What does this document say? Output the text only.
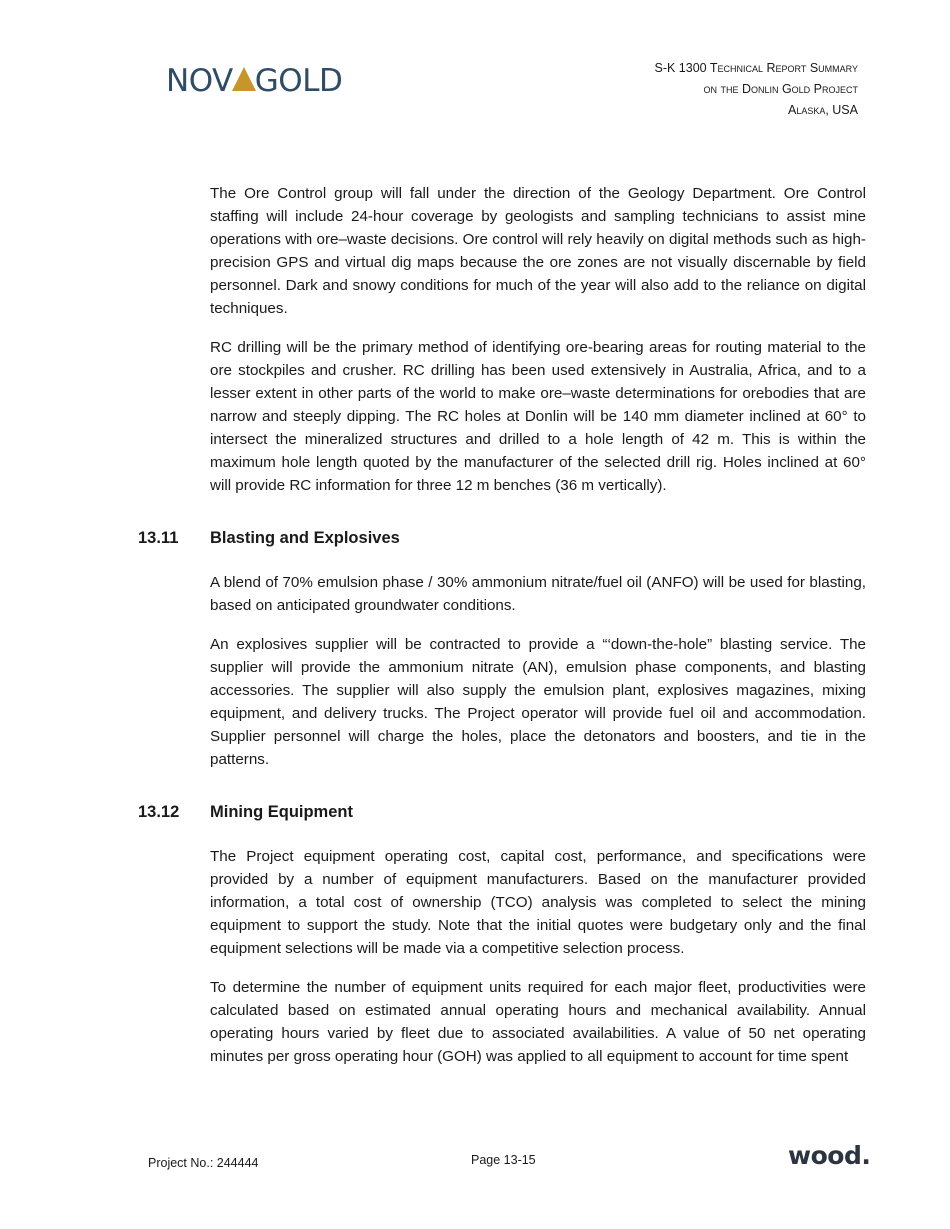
NOV GOLD	S-K 1300 Technical Report Summary
on the Donlin Gold Project
Alaska, USA

The Ore Control group will fall under the direction of the Geology Department. Ore Control staffing will include 24-hour coverage by geologists and sampling technicians to assist mine operations with ore–waste decisions. Ore control will rely heavily on digital methods such as high-precision GPS and virtual dig maps because the ore zones are not visually discernable by field personnel. Dark and snowy conditions for much of the year will also add to the reliance on digital techniques.

RC drilling will be the primary method of identifying ore-bearing areas for routing material to the ore stockpiles and crusher. RC drilling has been used extensively in Australia, Africa, and to a lesser extent in other parts of the world to make ore–waste determinations for orebodies that are narrow and steeply dipping. The RC holes at Donlin will be 140 mm diameter inclined at 60° to intersect the mineralized structures and drilled to a hole length of 42 m. This is within the maximum hole length quoted by the manufacturer of the selected drill rig. Holes inclined at 60° will provide RC information for three 12 m benches (36 m vertically).

13.11	Blasting and Explosives

A blend of 70% emulsion phase / 30% ammonium nitrate/fuel oil (ANFO) will be used for blasting, based on anticipated groundwater conditions.

An explosives supplier will be contracted to provide a “‘down-the-hole” blasting service. The supplier will provide the ammonium nitrate (AN), emulsion phase components, and blasting accessories. The supplier will also supply the emulsion plant, explosives magazines, mixing equipment, and delivery trucks. The Project operator will provide fuel oil and accommodation. Supplier personnel will charge the holes, place the detonators and boosters, and tie in the patterns.

13.12	Mining Equipment

The Project equipment operating cost, capital cost, performance, and specifications were provided by a number of equipment manufacturers. Based on the manufacturer provided information, a total cost of ownership (TCO) analysis was completed to select the mining equipment to support the study. Note that the initial quotes were budgetary only and the final equipment selections will be made via a competitive selection process.

To determine the number of equipment units required for each major fleet, productivities were calculated based on estimated annual operating hours and mechanical availability. Annual operating hours varied by fleet due to associated availabilities. A value of 50 net operating minutes per gross operating hour (GOH) was applied to all equipment to account for time spent

Project No.: 244444	Page 13-15	wood.
